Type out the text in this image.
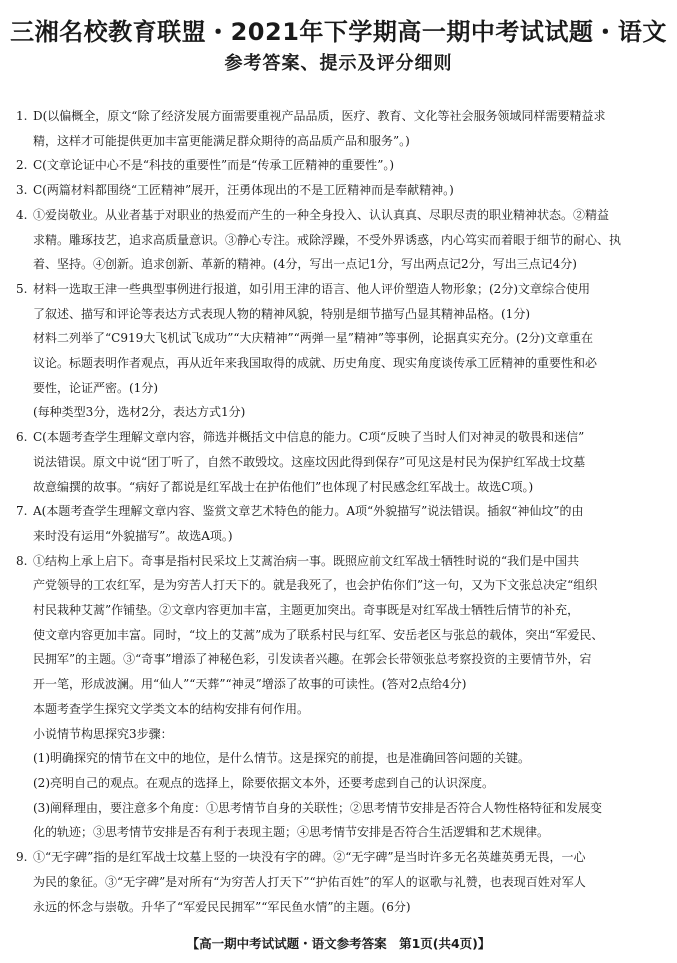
三湘名校教育联盟・2021年下学期高一期中考试试题・语文
参考答案、提示及评分细则
1. D(以偏概全，原文“除了经济发展方面需要重视产品品质，医疗、教育、文化等社会服务领域同样需要精益求
精，这样才可能提供更加丰富更能满足群众期待的高品质产品和服务”。)
2. C(文章论证中心不是“科技的重要性”而是“传承工匠精神的重要性”。)
3. C(两篇材料都围绕“工匠精神”展开，汪勇体现出的不是工匠精神而是奉献精神。)
4. ①爱岗敬业。从业者基于对职业的热爱而产生的一种全身投入、认认真真、尽职尽责的职业精神状态。②精益
求精。雕琢技艺，追求高质量意识。③静心专注。戒除浮躁，不受外界诱惑，内心笃实而着眼于细节的耐心、执
着、坚持。④创新。追求创新、革新的精神。(4分，写出一点记1分，写出两点记2分，写出三点记4分)
5. 材料一选取王津一些典型事例进行报道，如引用王津的语言、他人评价塑造人物形象；(2分)文章综合使用
了叙述、描写和评论等表达方式表现人物的精神风貌，特别是细节描写凸显其精神品格。(1分)
材料二列举了“C919大飞机试飞成功”“大庆精神”“两弹一星”精神”等事例，论据真实充分。(2分)文章重在
议论。标题表明作者观点，再从近年来我国取得的成就、历史角度、现实角度谈传承工匠精神的重要性和必
要性，论证严密。(1分)
(每种类型3分，选材2分，表达方式1分)
6. C(本题考查学生理解文章内容，筛选并概括文中信息的能力。C项“反映了当时人们对神灵的敬畏和迷信”
说法错误。原文中说“团丁听了，自然不敢毁坟。这座坟因此得到保存”可见这是村民为保护红军战士坟墓
故意编撰的故事。“病好了都说是红军战士在护佑他们”也体现了村民感念红军战士。故选C项。)
7. A(本题考查学生理解文章内容、鉴赏文章艺术特色的能力。A项“外貌描写”说法错误。插叙“神仙坟”的由
来时没有运用“外貌描写”。故选A项。)
8. ①结构上承上启下。奇事是指村民采坟上艾蒿治病一事。既照应前文红军战士牺牲时说的“我们是中国共
产党领导的工农红军，是为穷苦人打天下的。就是我死了，也会护佑你们”这一句，又为下文张总决定“组织
村民栽种艾蒿”作铺垫。②文章内容更加丰富，主题更加突出。奇事既是对红军战士牺牲后情节的补充，
使文章内容更加丰富。同时，“坟上的艾蒿”成为了联系村民与红军、安岳老区与张总的载体，突出“军爱民、
民拥军”的主题。③“奇事”增添了神秘色彩，引发读者兴趣。在郭会长带领张总考察投资的主要情节外，宕
开一笔，形成波澜。用“仙人”“天葬”“神灵”增添了故事的可读性。(答对2点给4分)
本题考查学生探究文学类文本的结构安排有何作用。
小说情节构思探究3步骤：
(1)明确探究的情节在文中的地位，是什么情节。这是探究的前提，也是准确回答问题的关键。
(2)亮明自己的观点。在观点的选择上，除要依据文本外，还要考虑到自己的认识深度。
(3)阐释理由，要注意多个角度：①思考情节自身的关联性；②思考情节安排是否符合人物性格特征和发展变
化的轨迹；③思考情节安排是否有利于表现主题；④思考情节安排是否符合生活逻辑和艺术规律。
9. ①“无字碑”指的是红军战士坟墓上竖的一块没有字的碑。②“无字碑”是当时许多无名英雄英勇无畏，一心
为民的象征。③“无字碑”是对所有“为穷苦人打天下”“护佑百姓”的军人的讴歌与礼赞，也表现百姓对军人
永远的怀念与崇敬。升华了“军爱民民拥军”“军民鱼水情”的主题。(6分)
【高一期中考试试题・语文参考答案　第1页(共4页)】
